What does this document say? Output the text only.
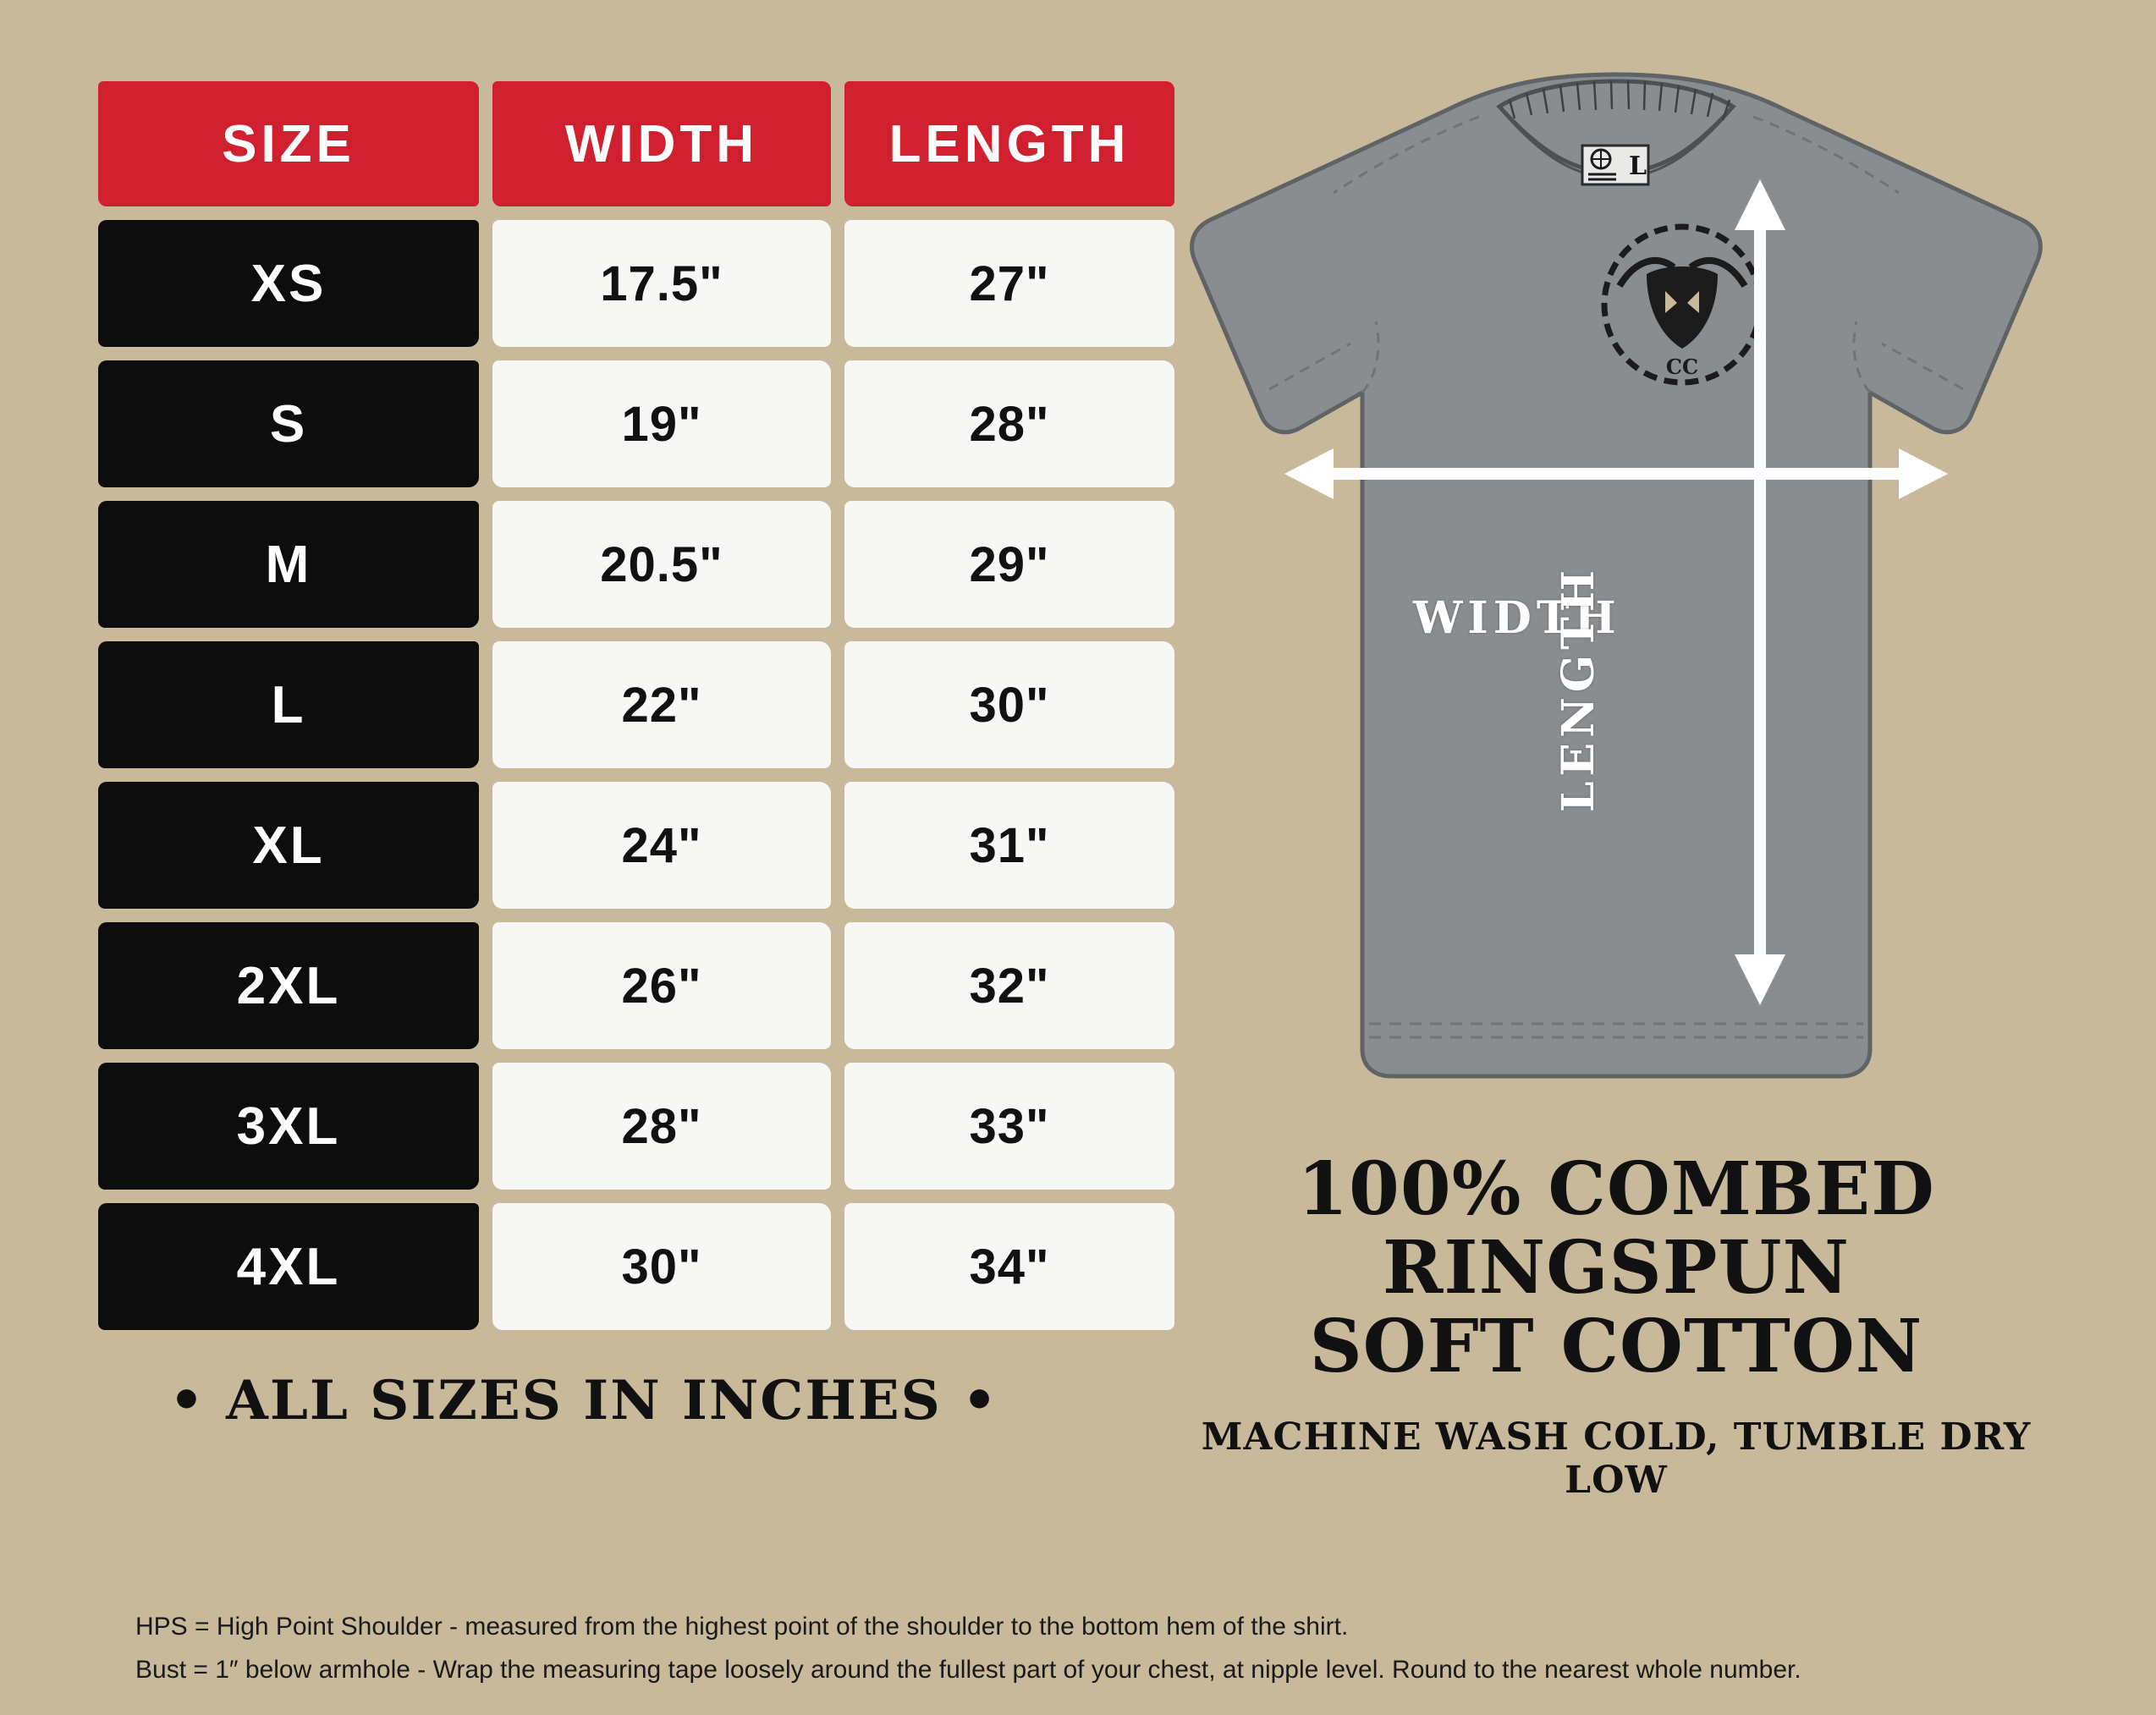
SIZE	WIDTH	LENGTH

XS	17.5"	27"

S	19"	28"

M	20.5"	29"

L	22"	30"

XL	24"	31"

2XL	26"	32"

3XL	28"	33"

4XL	30"	34"
• ALL SIZES IN INCHES •
L
CC
WIDTH
LENGTH
100% COMBED RINGSPUN
SOFT COTTON
MACHINE WASH COLD, TUMBLE DRY LOW
HPS = High Point Shoulder - measured from the highest point of the shoulder to the bottom hem of the shirt.
Bust = 1″ below armhole - Wrap the measuring tape loosely around the fullest part of your chest, at nipple level. Round to the nearest whole number.
